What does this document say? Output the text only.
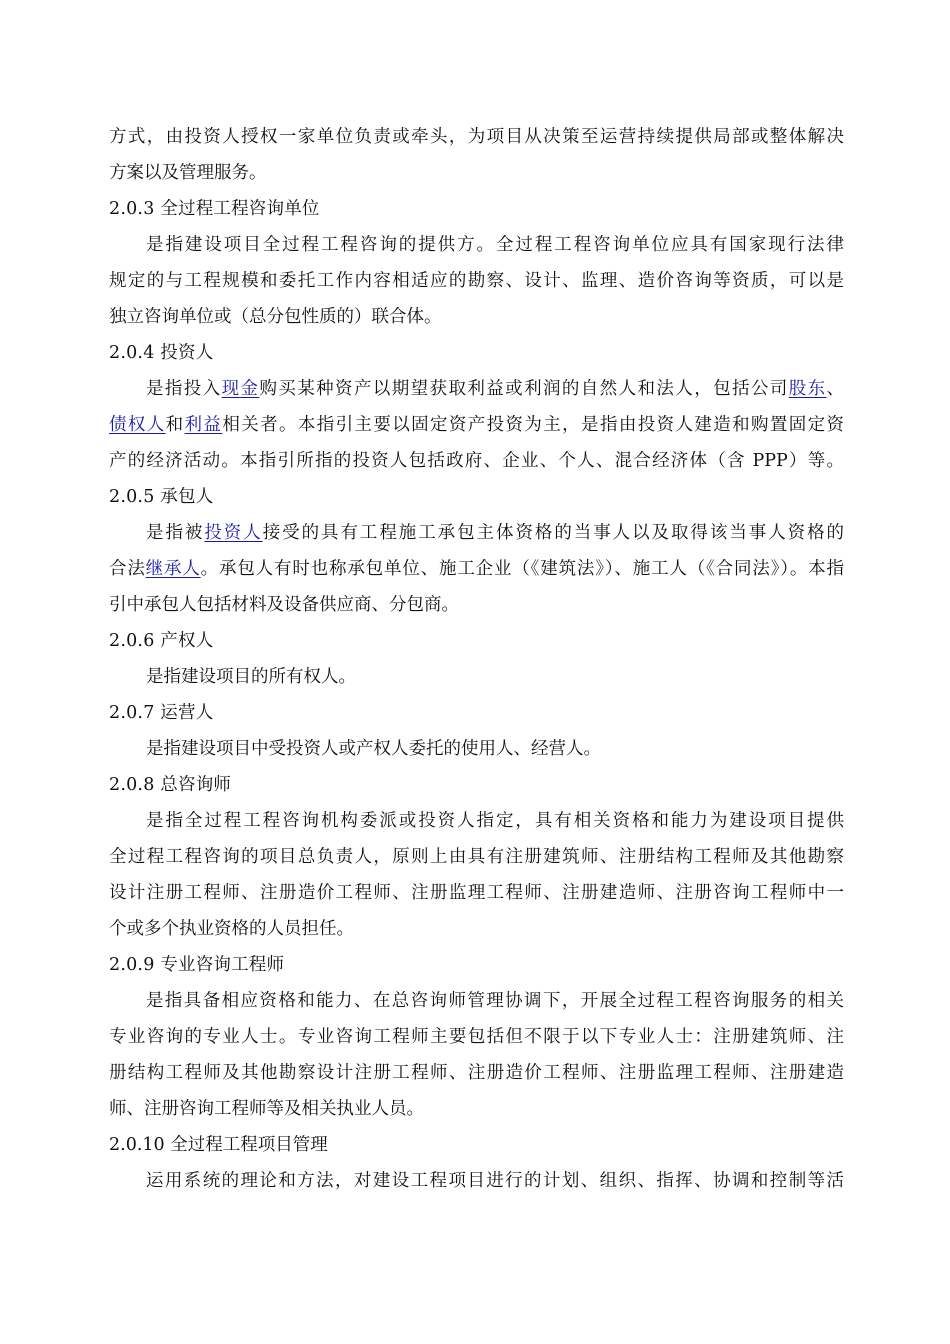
方式，由投资人授权一家单位负责或牵头，为项目从决策至运营持续提供局部或整体解决
方案以及管理服务。
2.0.3 全过程工程咨询单位
是指建设项目全过程工程咨询的提供方。全过程工程咨询单位应具有国家现行法律
规定的与工程规模和委托工作内容相适应的勘察、设计、监理、造价咨询等资质，可以是
独立咨询单位或（总分包性质的）联合体。
2.0.4 投资人
是指投入现金购买某种资产以期望获取利益或利润的自然人和法人，包括公司股东、
债权人和利益相关者。本指引主要以固定资产投资为主，是指由投资人建造和购置固定资
产的经济活动。本指引所指的投资人包括政府、企业、个人、混合经济体（含 PPP）等。
2.0.5 承包人
是指被投资人接受的具有工程施工承包主体资格的当事人以及取得该当事人资格的
合法继承人。承包人有时也称承包单位、施工企业（《建筑法》）、施工人（《合同法》）。本指
引中承包人包括材料及设备供应商、分包商。
2.0.6 产权人
是指建设项目的所有权人。
2.0.7 运营人
是指建设项目中受投资人或产权人委托的使用人、经营人。
2.0.8 总咨询师
是指全过程工程咨询机构委派或投资人指定，具有相关资格和能力为建设项目提供
全过程工程咨询的项目总负责人，原则上由具有注册建筑师、注册结构工程师及其他勘察
设计注册工程师、注册造价工程师、注册监理工程师、注册建造师、注册咨询工程师中一
个或多个执业资格的人员担任。
2.0.9 专业咨询工程师
是指具备相应资格和能力、在总咨询师管理协调下，开展全过程工程咨询服务的相关
专业咨询的专业人士。专业咨询工程师主要包括但不限于以下专业人士：注册建筑师、注
册结构工程师及其他勘察设计注册工程师、注册造价工程师、注册监理工程师、注册建造
师、注册咨询工程师等及相关执业人员。
2.0.10 全过程工程项目管理
运用系统的理论和方法，对建设工程项目进行的计划、组织、指挥、协调和控制等活
